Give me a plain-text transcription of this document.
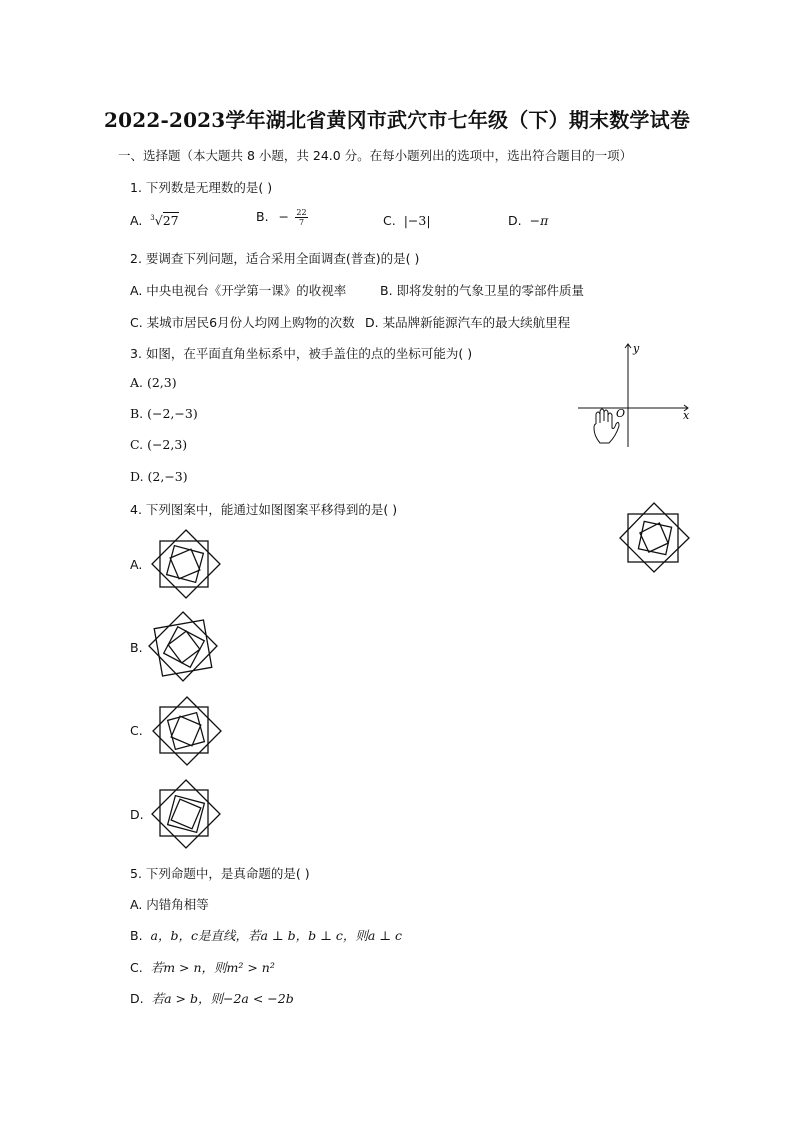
2022-2023学年湖北省黄冈市武穴市七年级（下）期末数学试卷
一、选择题（本大题共 8 小题，共 24.0 分。在每小题列出的选项中，选出符合题目的一项）
1. 下列数是无理数的是( )
A. $^3$√27	B. − $\frac{22}{7}$	C. |−3|	D. −π
2. 要调查下列问题，适合采用全面调查(普查)的是( )
A. 中央电视台《开学第一课》的收视率	B. 即将发射的气象卫星的零部件质量
C. 某城市居民6月份人均网上购物的次数 D. 某品牌新能源汽车的最大续航里程
3. 如图，在平面直角坐标系中，被手盖住的点的坐标可能为( )
A. (2,3)
B. (−2,−3)
C. (−2,3)
D. (2,−3)
x
y
O
4. 下列图案中，能通过如图图案平移得到的是( )
A.
B.
C.
D.
5. 下列命题中，是真命题的是( )
A. 内错角相等
B. a，b，c是直线，若a ⊥ b，b ⊥ c，则a ⊥ c
C. 若m > n，则m² > n²
D. 若a > b，则−2a < −2b
